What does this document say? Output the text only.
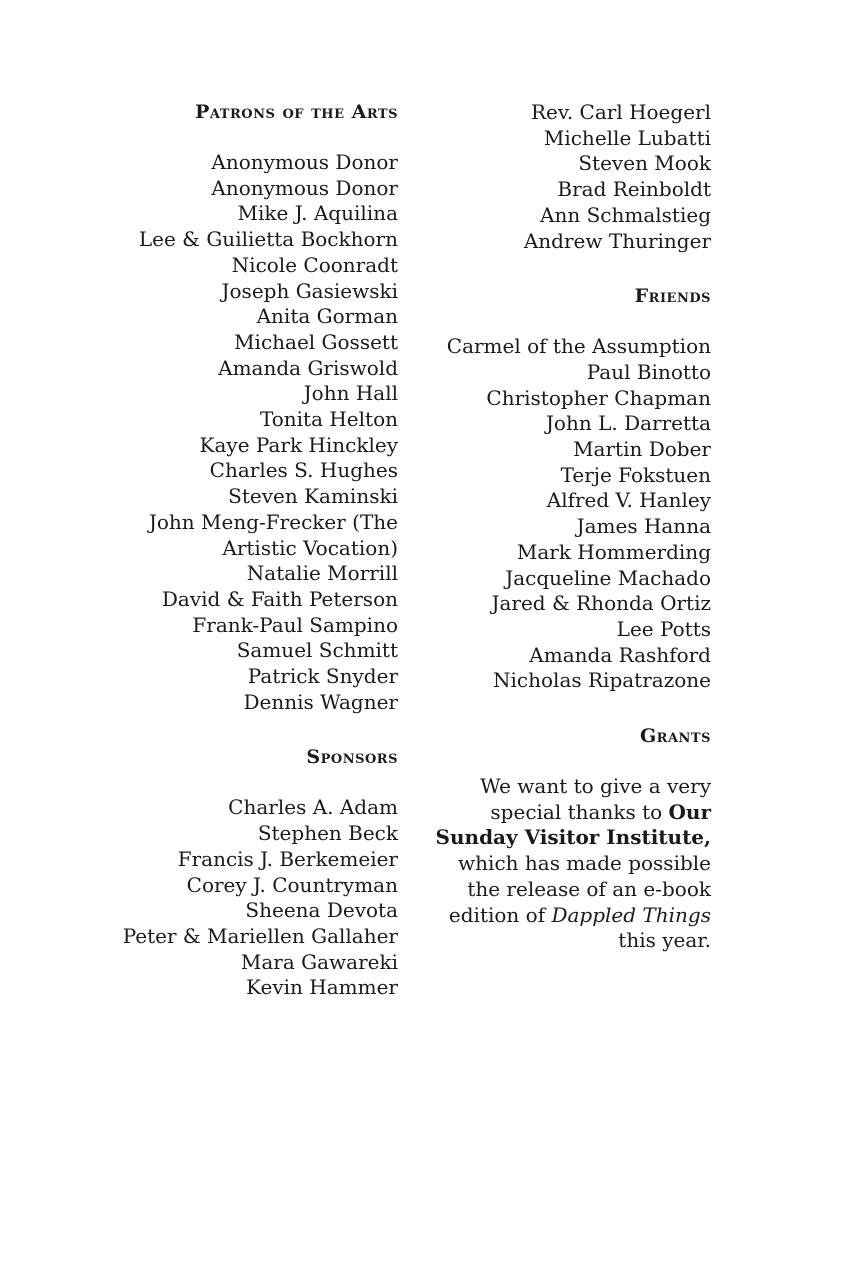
Patrons of the Arts
Anonymous Donor
Anonymous Donor
Mike J. Aquilina
Lee & Guilietta Bockhorn
Nicole Coonradt
Joseph Gasiewski
Anita Gorman
Michael Gossett
Amanda Griswold
John Hall
Tonita Helton
Kaye Park Hinckley
Charles S. Hughes
Steven Kaminski
John Meng-Frecker (The
Artistic Vocation)
Natalie Morrill
David & Faith Peterson
Frank-Paul Sampino
Samuel Schmitt
Patrick Snyder
Dennis Wagner
Sponsors
Charles A. Adam
Stephen Beck
Francis J. Berkemeier
Corey J. Countryman
Sheena Devota
Peter & Mariellen Gallaher
Mara Gawareki
Kevin Hammer
Rev. Carl Hoegerl
Michelle Lubatti
Steven Mook
Brad Reinboldt
Ann Schmalstieg
Andrew Thuringer
Friends
Carmel of the Assumption
Paul Binotto
Christopher Chapman
John L. Darretta
Martin Dober
Terje Fokstuen
Alfred V. Hanley
James Hanna
Mark Hommerding
Jacqueline Machado
Jared & Rhonda Ortiz
Lee Potts
Amanda Rashford
Nicholas Ripatrazone
Grants

We want to give a very special thanks to Our Sunday Visitor Institute, which has made possible the release of an e-book edition of Dappled Things this year.
